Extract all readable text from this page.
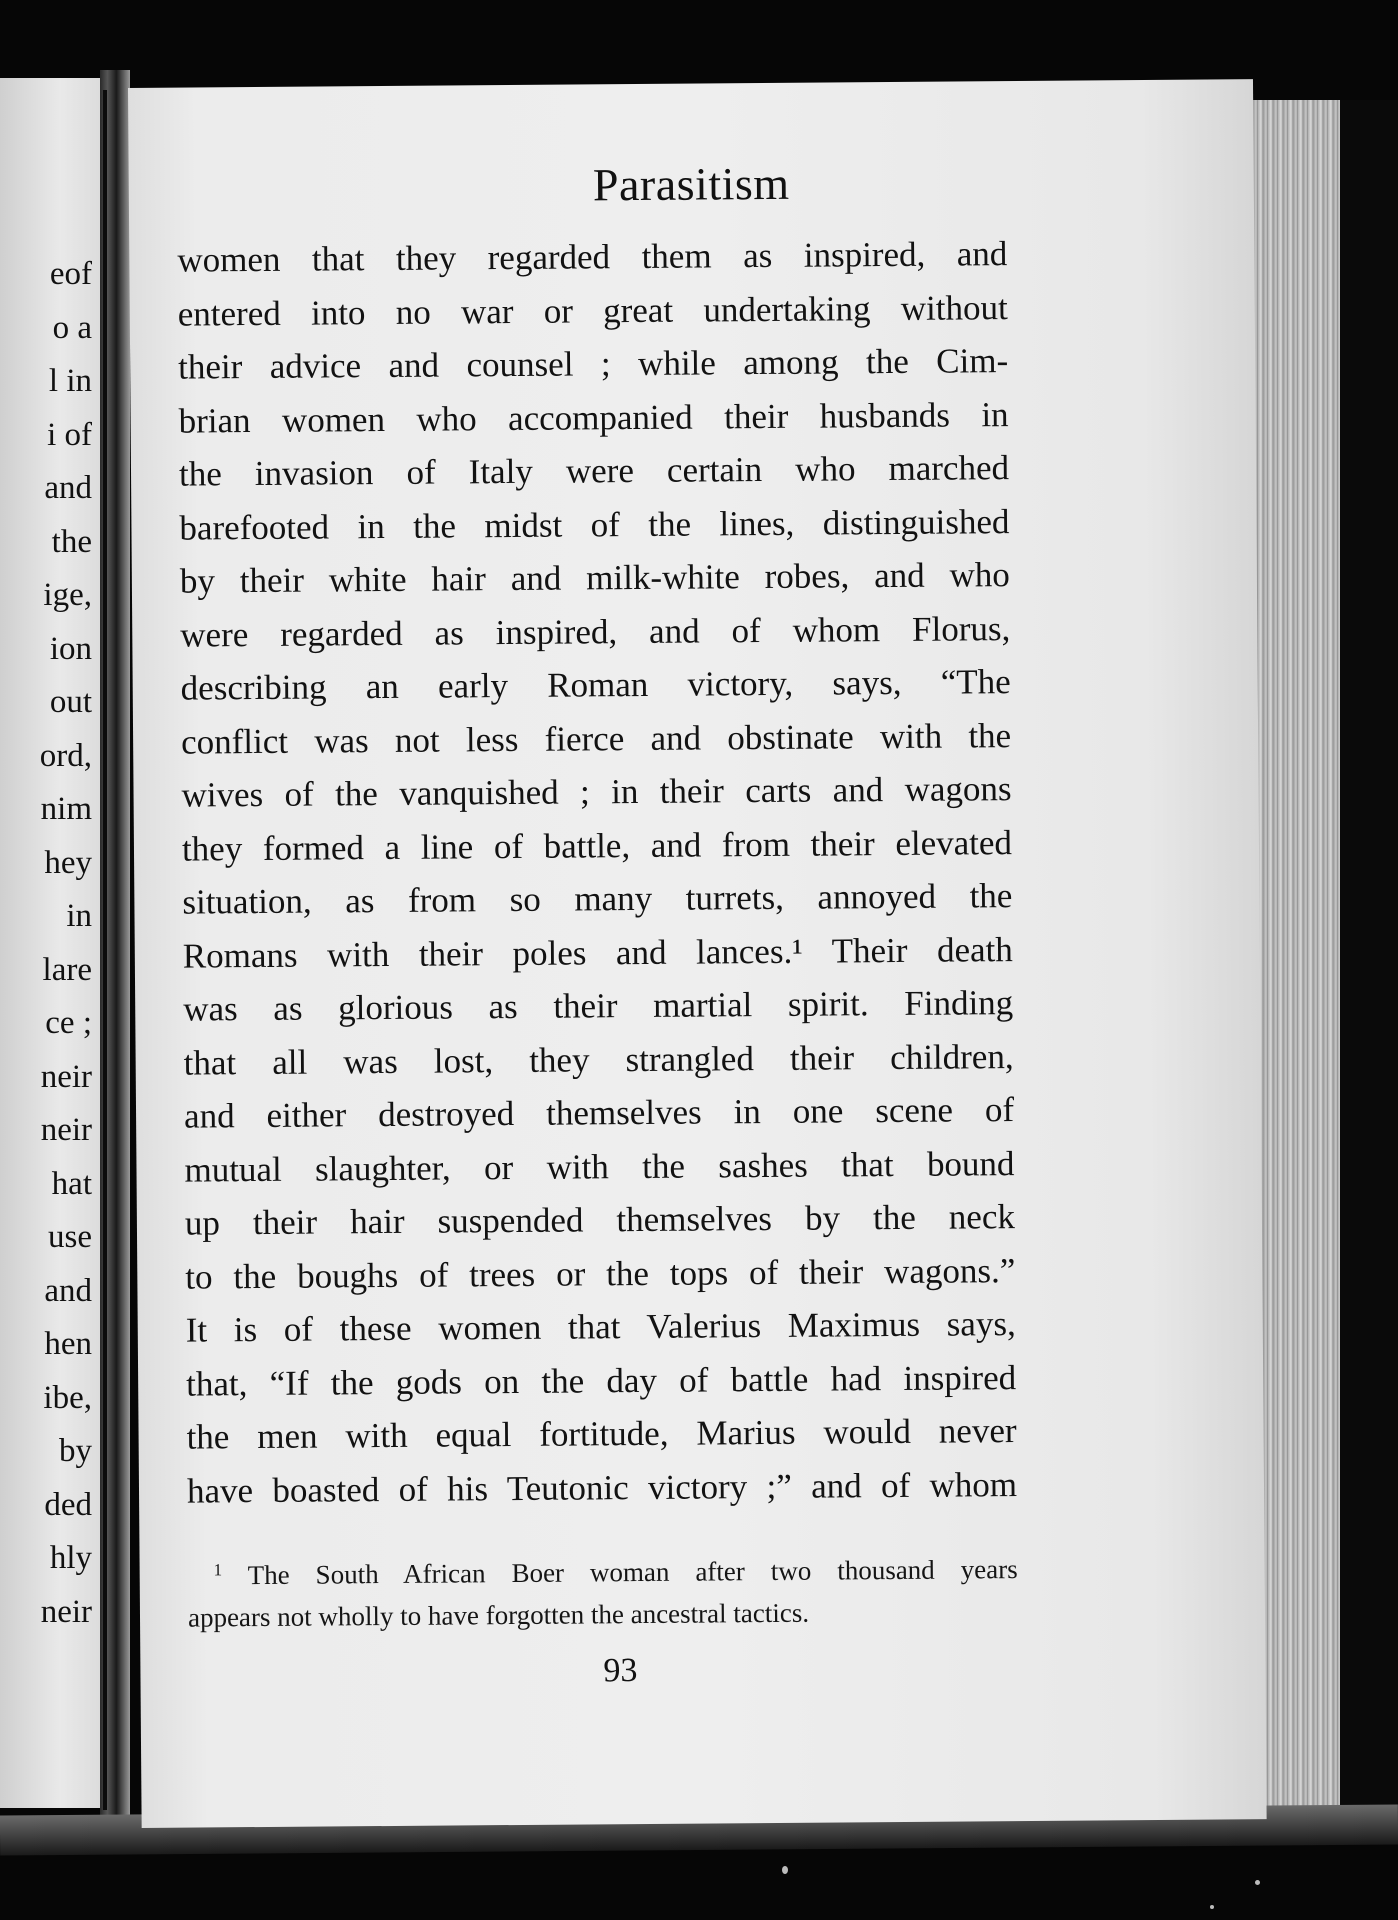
eof
o a
l in
i of
and
the
ige,
ion
out
ord,
nim
hey
in
lare
ce ;
neir
neir
hat
use
and
hen
ibe,
by
ded
hly
neir
Parasitism
women that they regarded them as inspired, and
entered into no war or great undertaking without
their advice and counsel ; while among the Cim-
brian women who accompanied their husbands in
the invasion of Italy were certain who marched
barefooted in the midst of the lines, distinguished
by their white hair and milk-white robes, and who
were regarded as inspired, and of whom Florus,
describing an early Roman victory, says, “The
conflict was not less fierce and obstinate with the
wives of the vanquished ; in their carts and wagons
they formed a line of battle, and from their elevated
situation, as from so many turrets, annoyed the
Romans with their poles and lances.¹ Their death
was as glorious as their martial spirit. Finding
that all was lost, they strangled their children,
and either destroyed themselves in one scene of
mutual slaughter, or with the sashes that bound
up their hair suspended themselves by the neck
to the boughs of trees or the tops of their wagons.”
It is of these women that Valerius Maximus says,
that, “If the gods on the day of battle had inspired
the men with equal fortitude, Marius would never
have boasted of his Teutonic victory ;” and of whom
$^1$ The South African Boer woman after two thousand years
appears not wholly to have forgotten the ancestral tactics.
93
